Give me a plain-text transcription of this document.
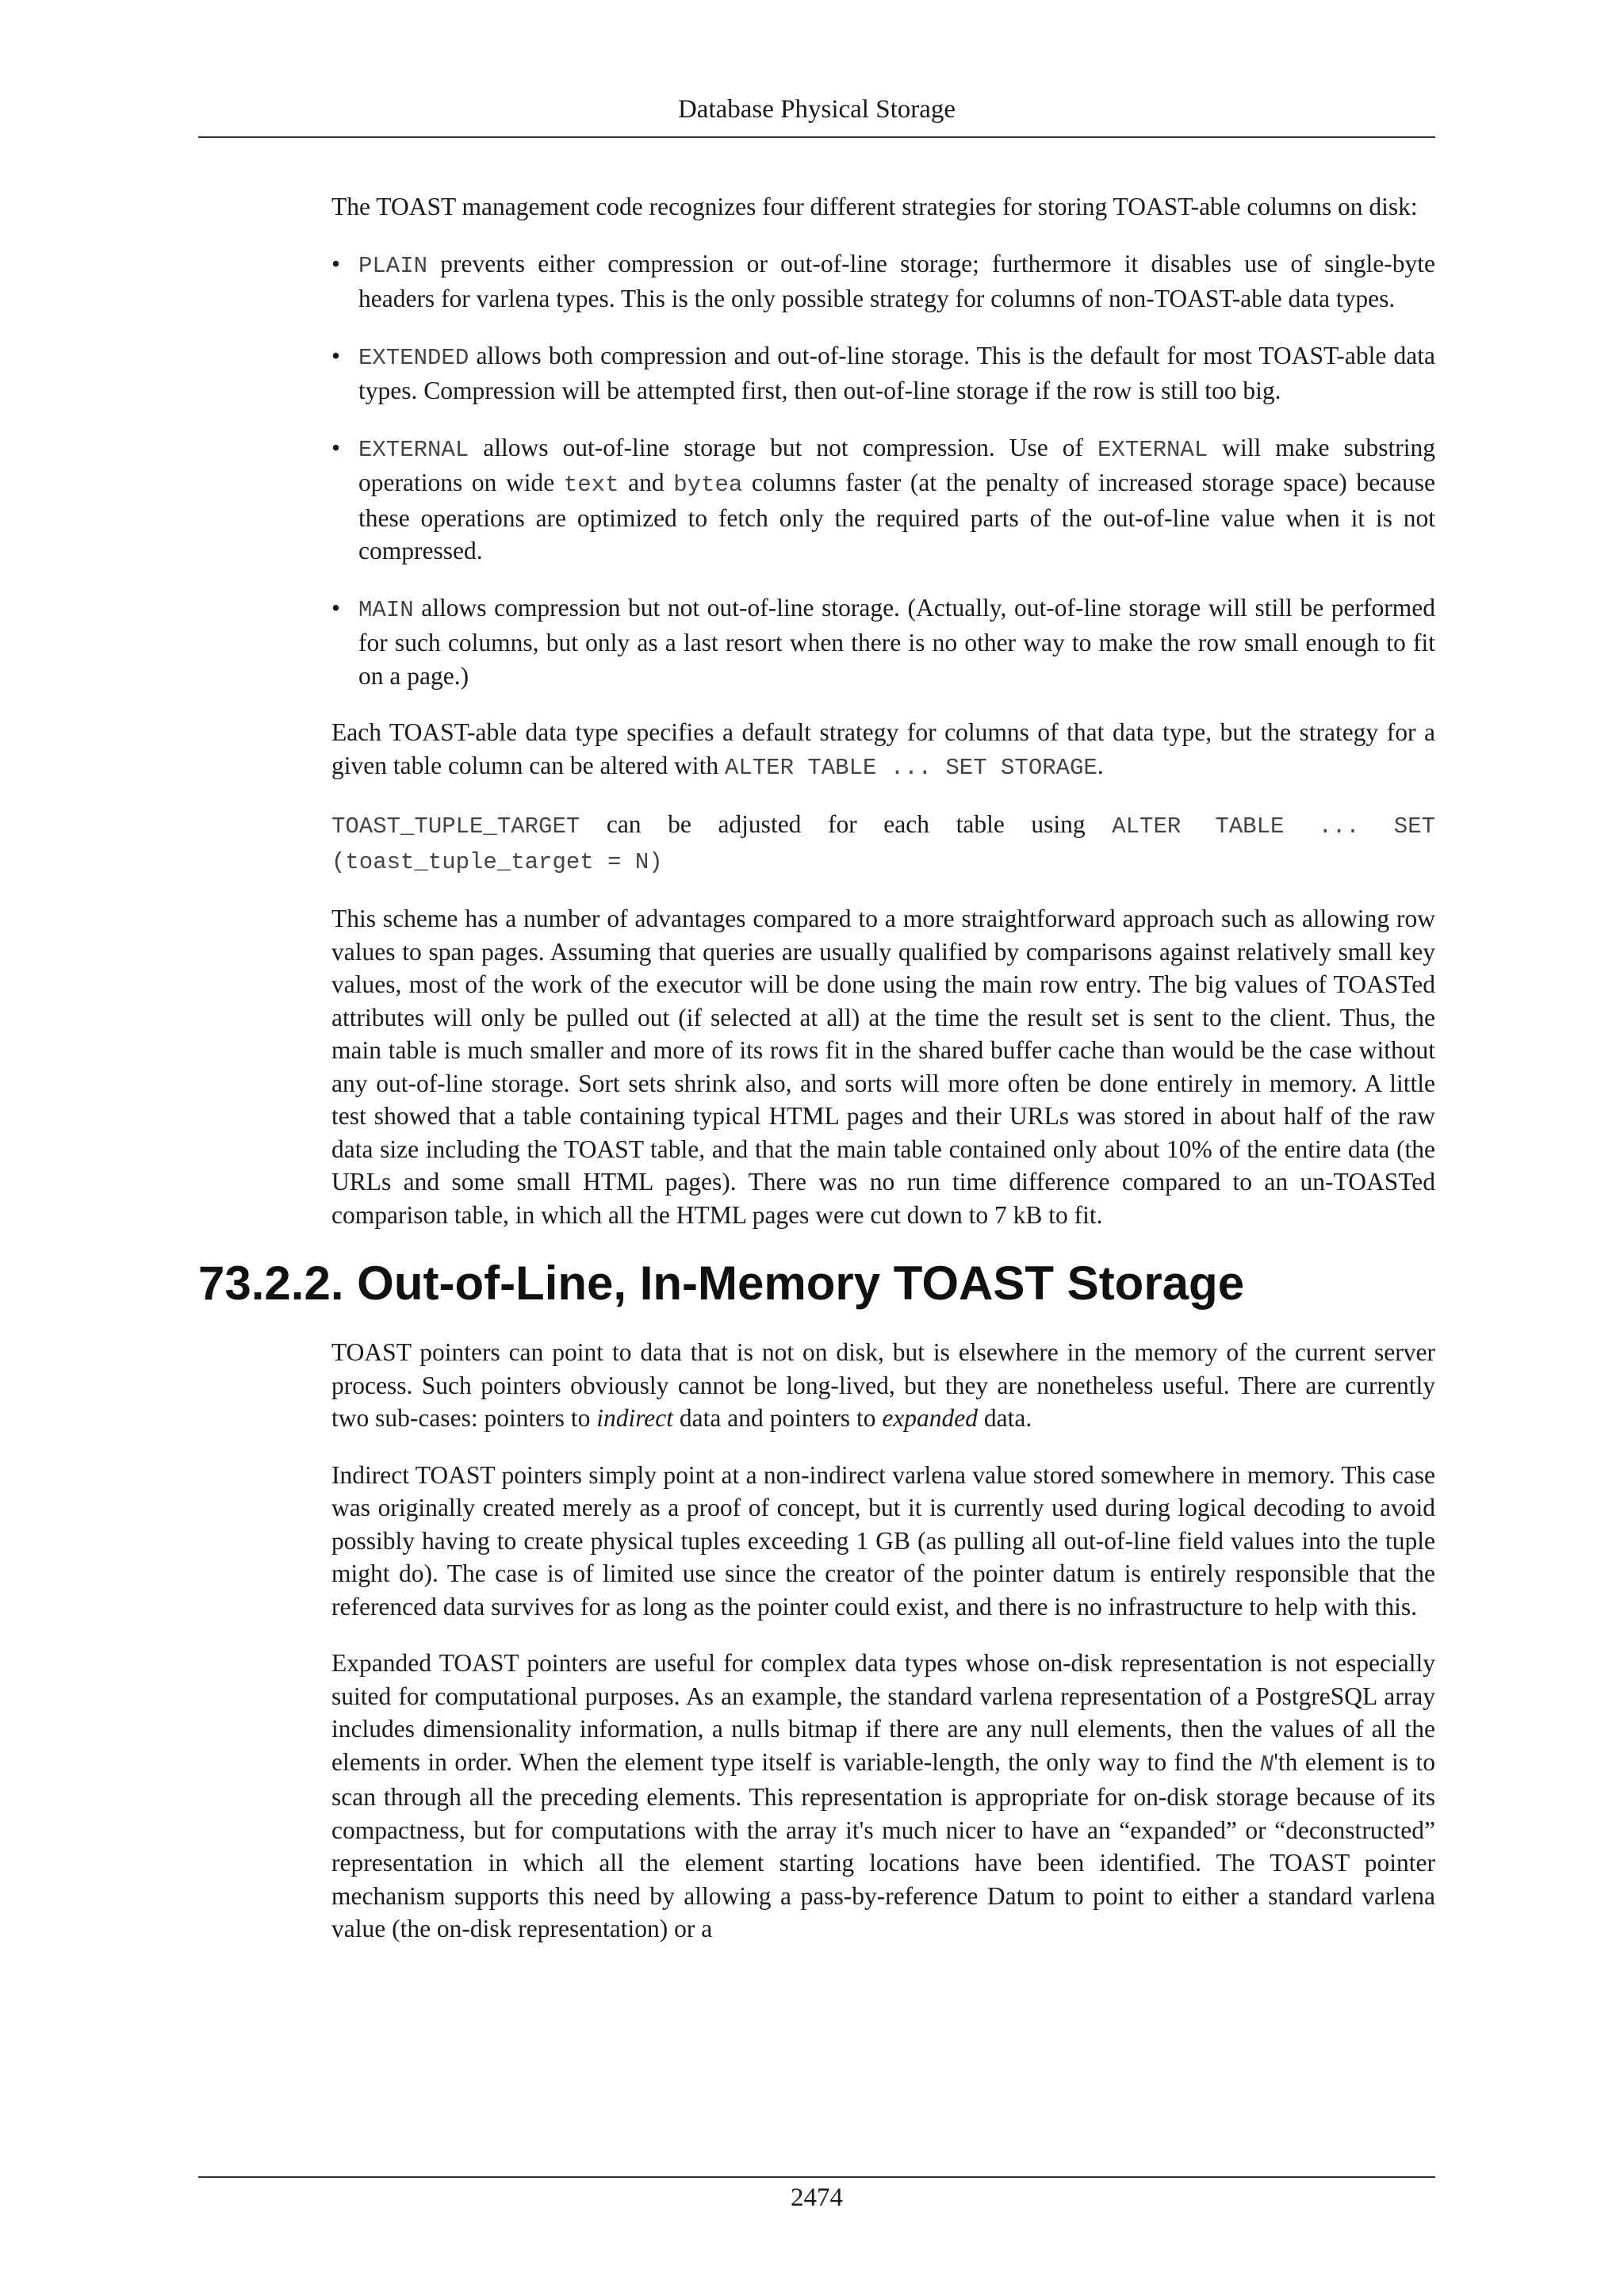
Database Physical Storage

The TOAST management code recognizes four different strategies for storing TOAST-able columns on disk:

• PLAIN prevents either compression or out-of-line storage; furthermore it disables use of single-byte headers for varlena types. This is the only possible strategy for columns of non-TOAST-able data types.
• EXTENDED allows both compression and out-of-line storage. This is the default for most TOAST-able data types. Compression will be attempted first, then out-of-line storage if the row is still too big.
• EXTERNAL allows out-of-line storage but not compression. Use of EXTERNAL will make substring operations on wide text and bytea columns faster (at the penalty of increased storage space) because these operations are optimized to fetch only the required parts of the out-of-line value when it is not compressed.
• MAIN allows compression but not out-of-line storage. (Actually, out-of-line storage will still be performed for such columns, but only as a last resort when there is no other way to make the row small enough to fit on a page.)

Each TOAST-able data type specifies a default strategy for columns of that data type, but the strategy for a given table column can be altered with ALTER TABLE ... SET STORAGE.

TOAST_TUPLE_TARGET can be adjusted for each table using ALTER TABLE ... SET (toast_tuple_target = N)

This scheme has a number of advantages compared to a more straightforward approach such as allowing row values to span pages. Assuming that queries are usually qualified by comparisons against relatively small key values, most of the work of the executor will be done using the main row entry. The big values of TOASTed attributes will only be pulled out (if selected at all) at the time the result set is sent to the client. Thus, the main table is much smaller and more of its rows fit in the shared buffer cache than would be the case without any out-of-line storage. Sort sets shrink also, and sorts will more often be done entirely in memory. A little test showed that a table containing typical HTML pages and their URLs was stored in about half of the raw data size including the TOAST table, and that the main table contained only about 10% of the entire data (the URLs and some small HTML pages). There was no run time difference compared to an un-TOASTed comparison table, in which all the HTML pages were cut down to 7 kB to fit.

73.2.2. Out-of-Line, In-Memory TOAST Storage

TOAST pointers can point to data that is not on disk, but is elsewhere in the memory of the current server process. Such pointers obviously cannot be long-lived, but they are nonetheless useful. There are currently two sub-cases: pointers to indirect data and pointers to expanded data.

Indirect TOAST pointers simply point at a non-indirect varlena value stored somewhere in memory. This case was originally created merely as a proof of concept, but it is currently used during logical decoding to avoid possibly having to create physical tuples exceeding 1 GB (as pulling all out-of-line field values into the tuple might do). The case is of limited use since the creator of the pointer datum is entirely responsible that the referenced data survives for as long as the pointer could exist, and there is no infrastructure to help with this.

Expanded TOAST pointers are useful for complex data types whose on-disk representation is not especially suited for computational purposes. As an example, the standard varlena representation of a PostgreSQL array includes dimensionality information, a nulls bitmap if there are any null elements, then the values of all the elements in order. When the element type itself is variable-length, the only way to find the N'th element is to scan through all the preceding elements. This representation is appropriate for on-disk storage because of its compactness, but for computations with the array it's much nicer to have an “expanded” or “deconstructed” representation in which all the element starting locations have been identified. The TOAST pointer mechanism supports this need by allowing a pass-by-reference Datum to point to either a standard varlena value (the on-disk representation) or a

2474
